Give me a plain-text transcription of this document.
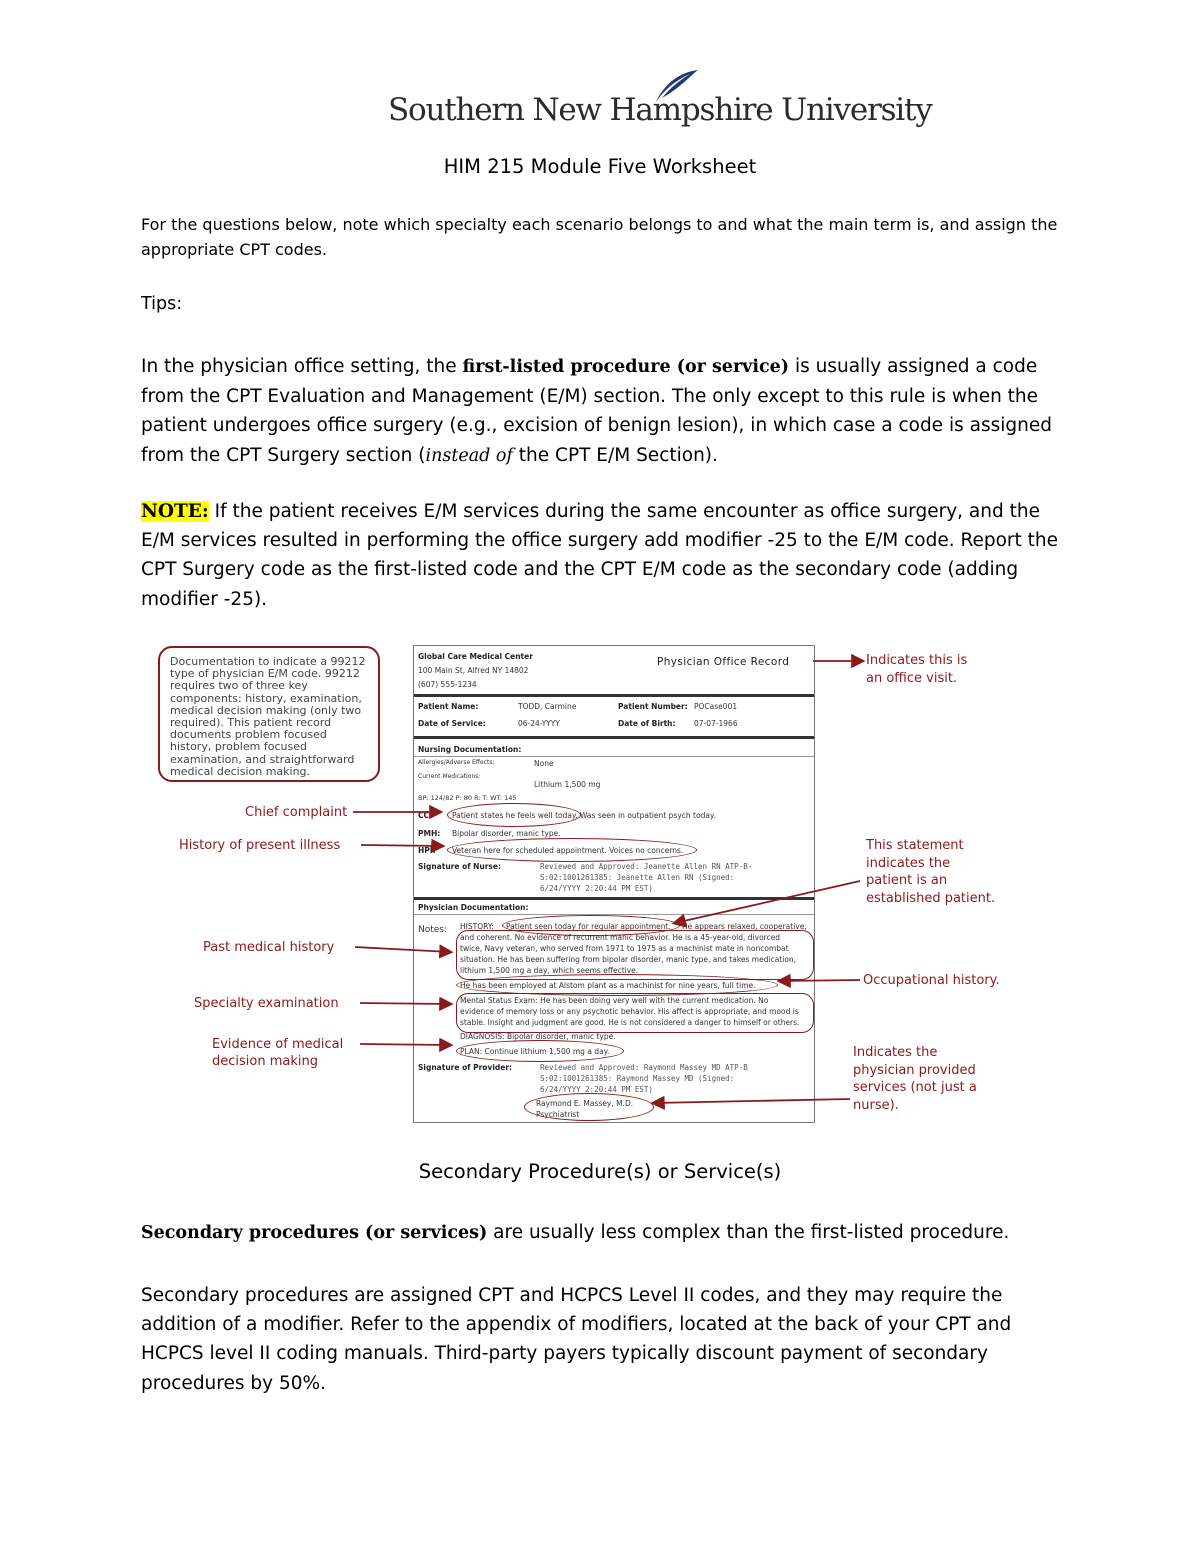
Southern New Hampshire University
HIM 215 Module Five Worksheet
For the questions below, note which specialty each scenario belongs to and what the main term is, and assign the appropriate CPT codes.
Tips:
In the physician office setting, the first-listed procedure (or service) is usually assigned a code from the CPT Evaluation and Management (E/M) section. The only except to this rule is when the patient undergoes office surgery (e.g., excision of benign lesion), in which case a code is assigned from the CPT Surgery section (instead of the CPT E/M Section).
NOTE: If the patient receives E/M services during the same encounter as office surgery, and the E/M services resulted in performing the office surgery add modifier -25 to the E/M code. Report the CPT Surgery code as the first-listed code and the CPT E/M code as the secondary code (adding modifier -25).
Documentation to indicate a 99212 type of physician E/M code. 99212 requires two of three key components: history, examination, medical decision making (only two required). This patient record documents problem focused history, problem focused examination, and straightforward medical decision making.
Chief complaint
History of present illness
Past medical history
Specialty examination
Evidence of medical
decision making
Indicates this is
an office visit.
This statement
indicates the
patient is an
established patient.
Occupational history.
Indicates the
physician provided
services (not just a
nurse).
Global Care Medical Center
100 Main St, Alfred NY 14802
(607) 555-1234
Physician Office Record
Patient Name:	TODD, Carmine	Patient Number: POCase001
Date of Service:	06-24-YYYY	Date of Birth: 07-07-1966
Nursing Documentation:
Allergies/Adverse Effects:	None
Current Medications:
Lithium 1,500 mg
BP: 124/82 P: 80 R: T: WT: 145
CC:	Patient states he feels well today. Was seen in outpatient psych today.
PMH: Bipolar disorder, manic type.
HPI: Veteran here for scheduled appointment. Voices no concerns.
Signature of Nurse:	Reviewed and Approved: Jeanette Allen RN ATP-B-
S:02:1001261385: Jeanette Allen RN (Signed:
6/24/YYYY 2:20:44 PM EST)
Physician Documentation:
Notes: HISTORY: Patient seen today for regular appointment. He appears relaxed, cooperative,
and coherent. No evidence of recurrent manic behavior. He is a 45-year-old, divorced
twice, Navy veteran, who served from 1971 to 1975 as a machinist mate in noncombat
situation. He has been suffering from bipolar disorder, manic type, and takes medication,
lithium 1,500 mg a day, which seems effective.
He has been employed at Alstom plant as a machinist for nine years, full time.
Mental Status Exam: He has been doing very well with the current medication. No
evidence of memory loss or any psychotic behavior. His affect is appropriate, and mood is
stable. Insight and judgment are good. He is not considered a danger to himself or others.
DIAGNOSIS: Bipolar disorder, manic type.
PLAN: Continue lithium 1,500 mg a day.
Signature of Provider:	Reviewed and Approved: Raymond Massey MD ATP-B
S:02:1001261385: Raymond Massey MD (Signed:
6/24/YYYY 2:20:44 PM EST)
Raymond E. Massey, M.D.
Psychiatrist
Secondary Procedure(s) or Service(s)
Secondary procedures (or services) are usually less complex than the first-listed procedure.
Secondary procedures are assigned CPT and HCPCS Level II codes, and they may require the addition of a modifier. Refer to the appendix of modifiers, located at the back of your CPT and HCPCS level II coding manuals. Third-party payers typically discount payment of secondary procedures by 50%.
